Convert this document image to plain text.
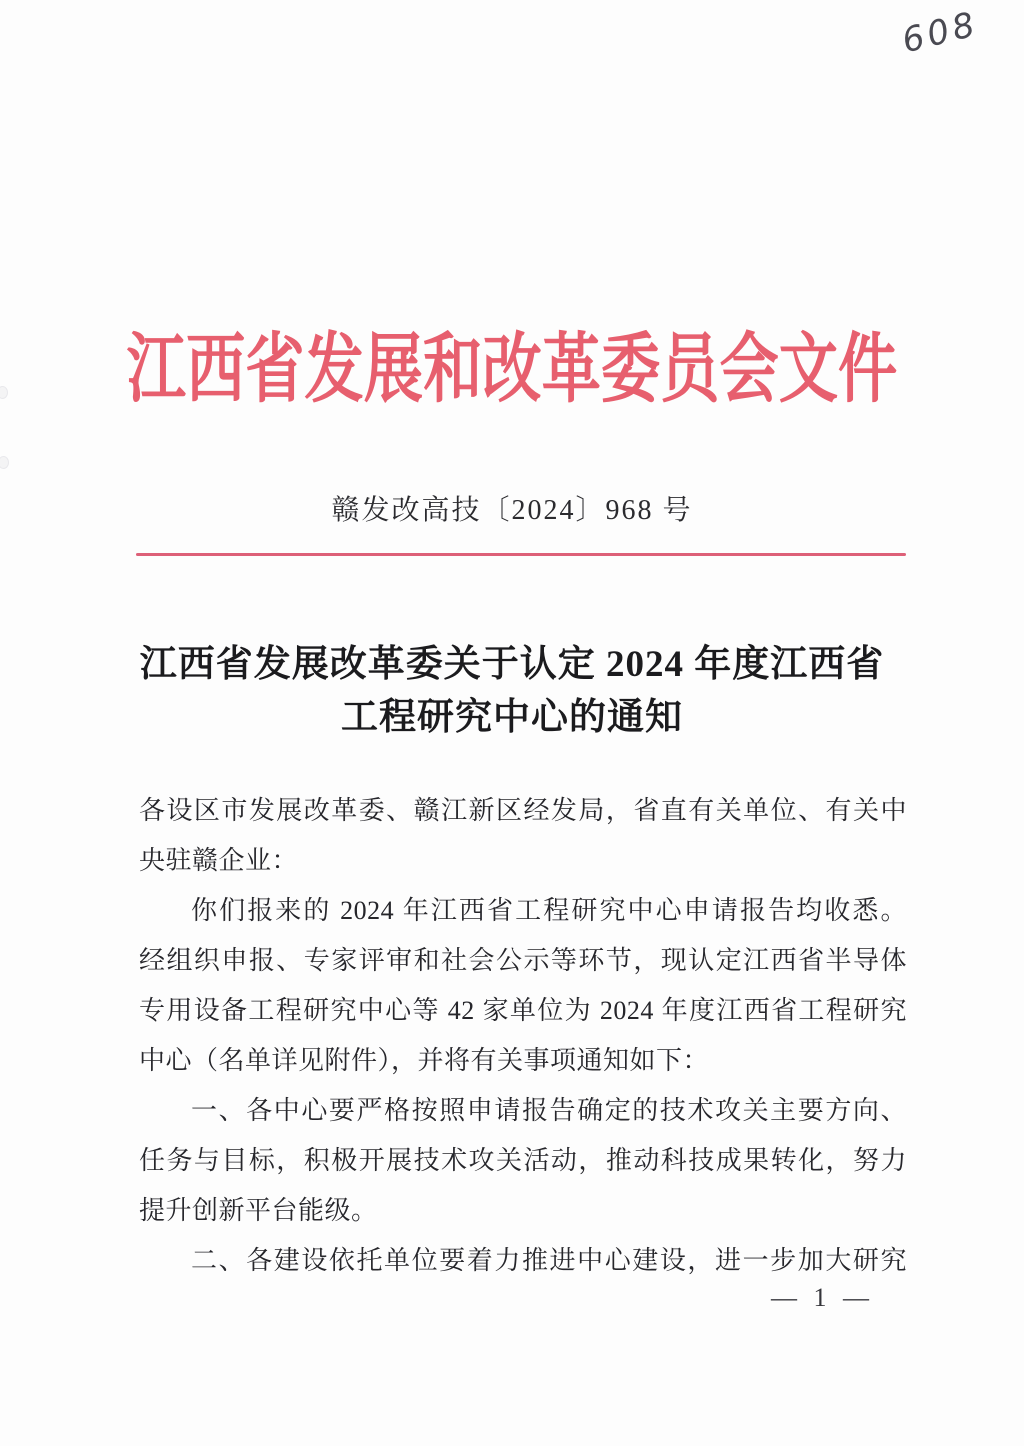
608
江西省发展和改革委员会文件
赣发改高技〔2024〕968 号
江西省发展改革委关于认定 2024 年度江西省
工程研究中心的通知
各设区市发展改革委、赣江新区经发局，省直有关单位、有关中
央驻赣企业：
你们报来的 2024 年江西省工程研究中心申请报告均收悉。
经组织申报、专家评审和社会公示等环节，现认定江西省半导体
专用设备工程研究中心等 42 家单位为 2024 年度江西省工程研究
中心（名单详见附件），并将有关事项通知如下：
一、各中心要严格按照申请报告确定的技术攻关主要方向、
任务与目标，积极开展技术攻关活动，推动科技成果转化，努力
提升创新平台能级。
二、各建设依托单位要着力推进中心建设，进一步加大研究
— 1 —
